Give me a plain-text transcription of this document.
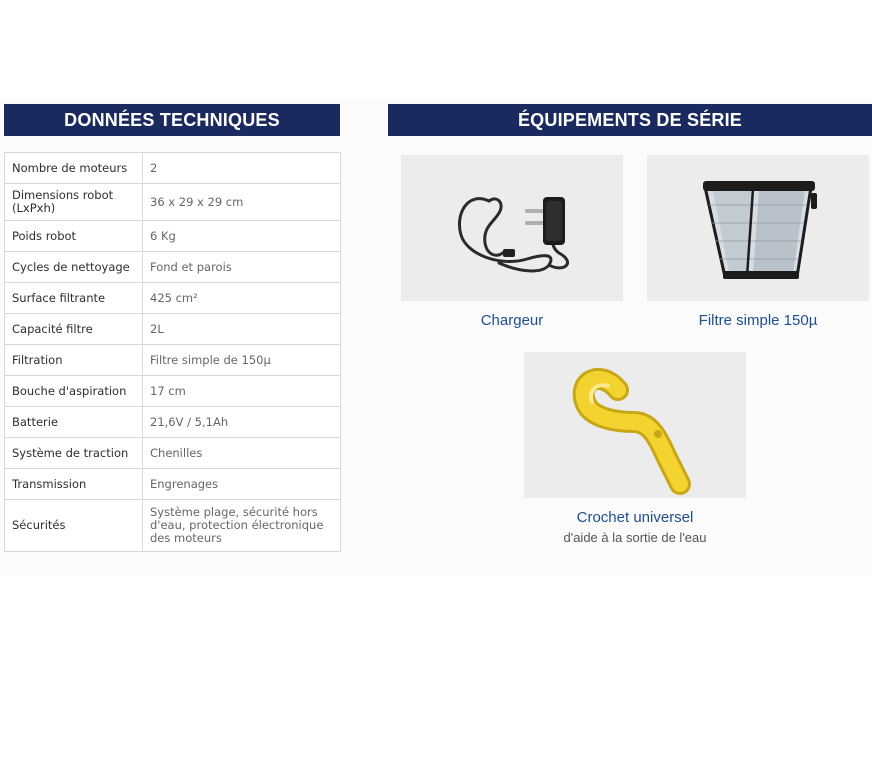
DONNÉES TECHNIQUES	ÉQUIPEMENTS DE SÉRIE
Nombre de moteurs	2
Dimensions robot (LxPxh)	36 x 29 x 29 cm
Poids robot	6 Kg
Cycles de nettoyage	Fond et parois
Surface filtrante	425 cm²
Capacité filtre	2L
Filtration	Filtre simple de 150µ
Bouche d'aspiration	17 cm
Batterie	21,6V / 5,1Ah
Système de traction	Chenilles
Transmission	Engrenages
Sécurités	Système plage, sécurité hors d'eau, protection électronique des moteurs
Chargeur	Filtre simple 150µ
Crochet universel
d'aide à la sortie de l'eau
